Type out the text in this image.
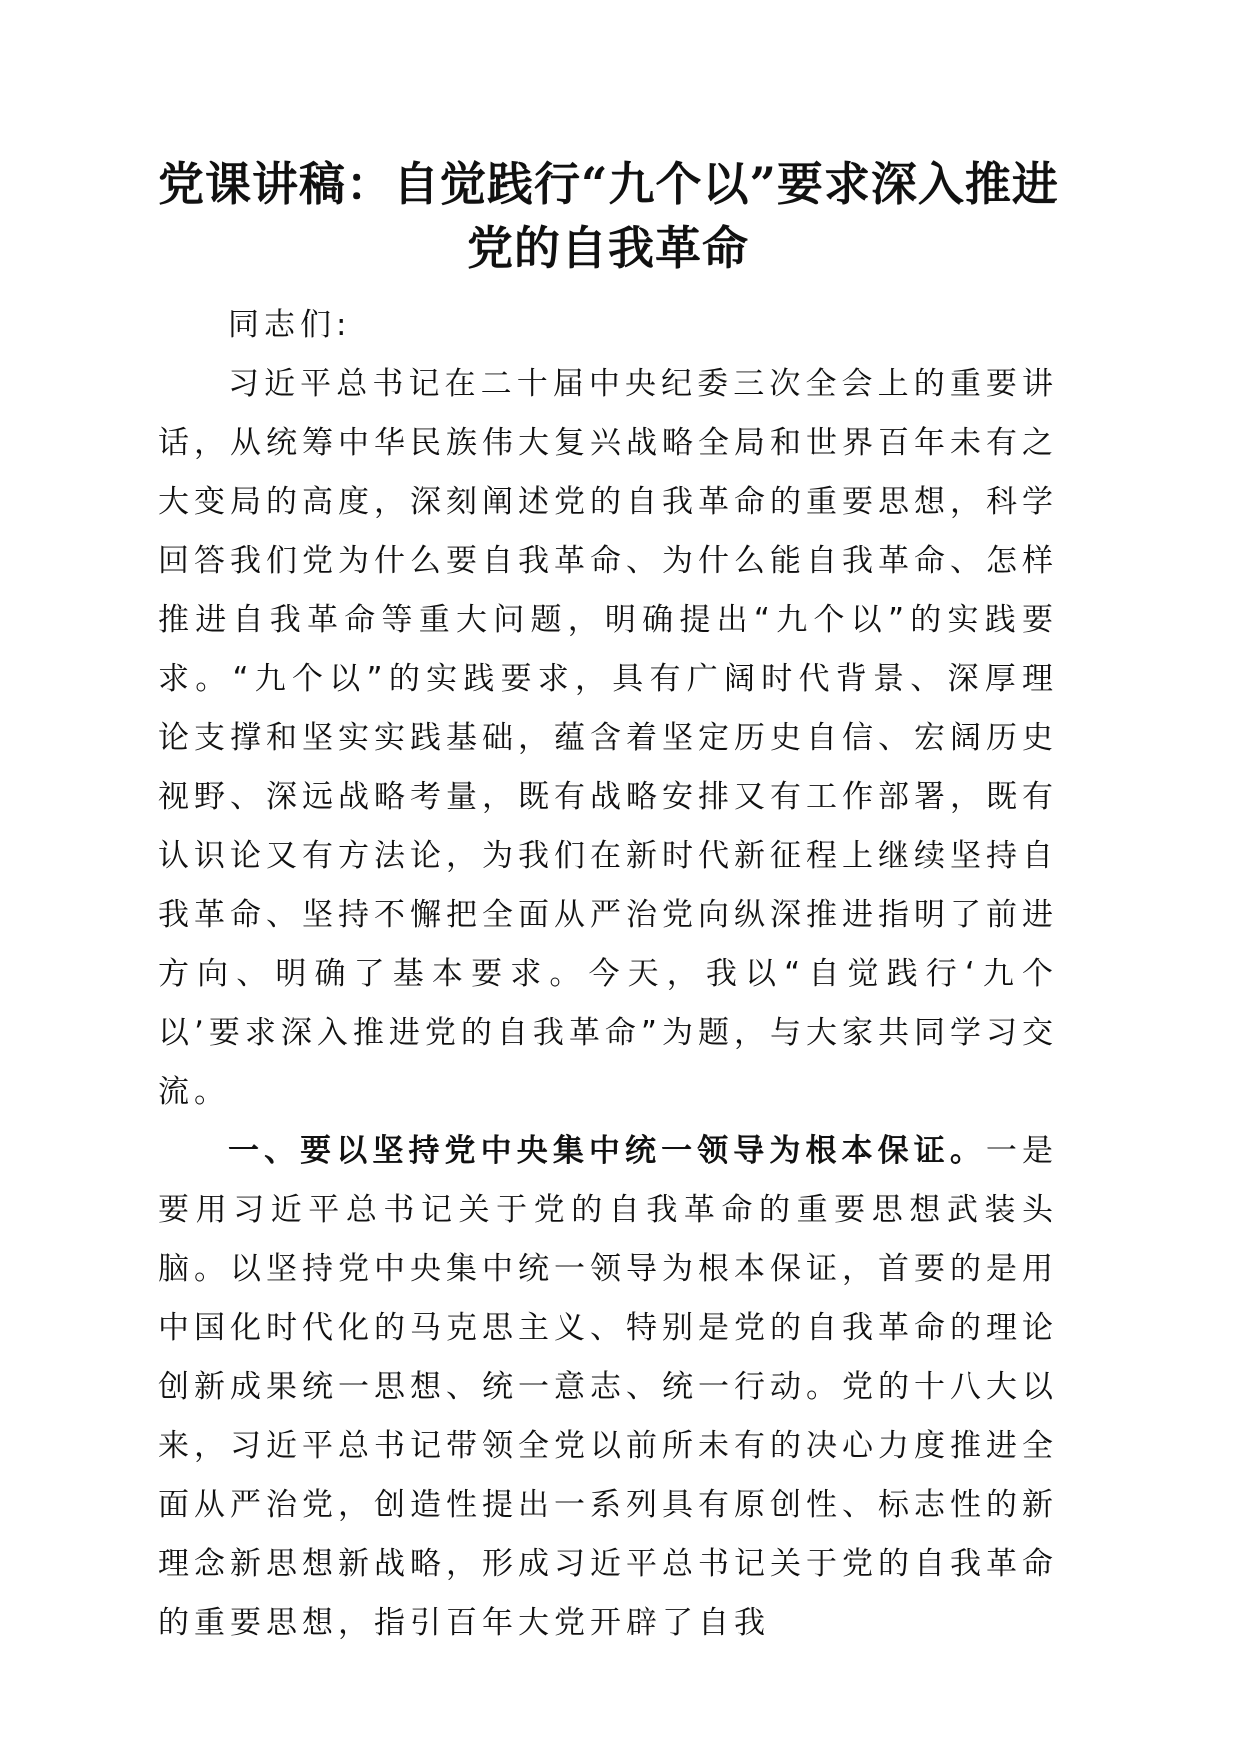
党课讲稿：自觉践行“九个以”要求深入推进
党的自我革命

同志们:

习近平总书记在二十届中央纪委三次全会上的重要讲话，从统筹中华民族伟大复兴战略全局和世界百年未有之大变局的高度，深刻阐述党的自我革命的重要思想，科学回答我们党为什么要自我革命、为什么能自我革命、怎样推进自我革命等重大问题，明确提出“九个以”的实践要求。“九个以”的实践要求，具有广阔时代背景、深厚理论支撑和坚实实践基础，蕴含着坚定历史自信、宏阔历史视野、深远战略考量，既有战略安排又有工作部署，既有认识论又有方法论，为我们在新时代新征程上继续坚持自我革命、坚持不懈把全面从严治党向纵深推进指明了前进方向、明确了基本要求。今天，我以“自觉践行‘九个以’要求深入推进党的自我革命”为题，与大家共同学习交流。

一、要以坚持党中央集中统一领导为根本保证。一是要用习近平总书记关于党的自我革命的重要思想武装头脑。以坚持党中央集中统一领导为根本保证，首要的是用中国化时代化的马克思主义、特别是党的自我革命的理论创新成果统一思想、统一意志、统一行动。党的十八大以来，习近平总书记带领全党以前所未有的决心力度推进全面从严治党，创造性提出一系列具有原创性、标志性的新理念新思想新战略，形成习近平总书记关于党的自我革命的重要思想，指引百年大党开辟了自我
